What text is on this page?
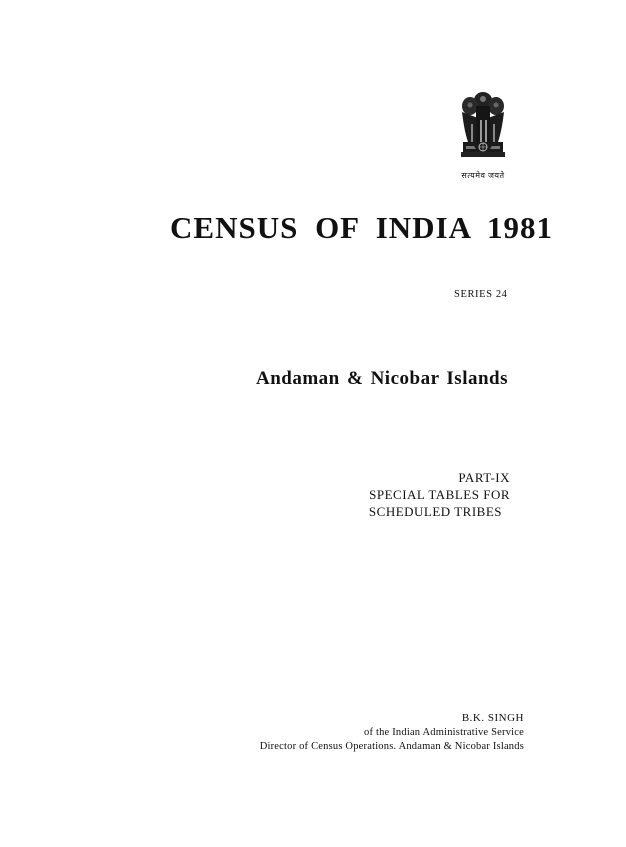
सत्यमेव जयते
CENSUS OF INDIA 1981
SERIES 24
Andaman & Nicobar Islands
PART-IX
SPECIAL TABLES FOR
SCHEDULED TRIBES
B.K. SINGH
of the Indian Administrative Service
Director of Census Operations. Andaman & Nicobar Islands
